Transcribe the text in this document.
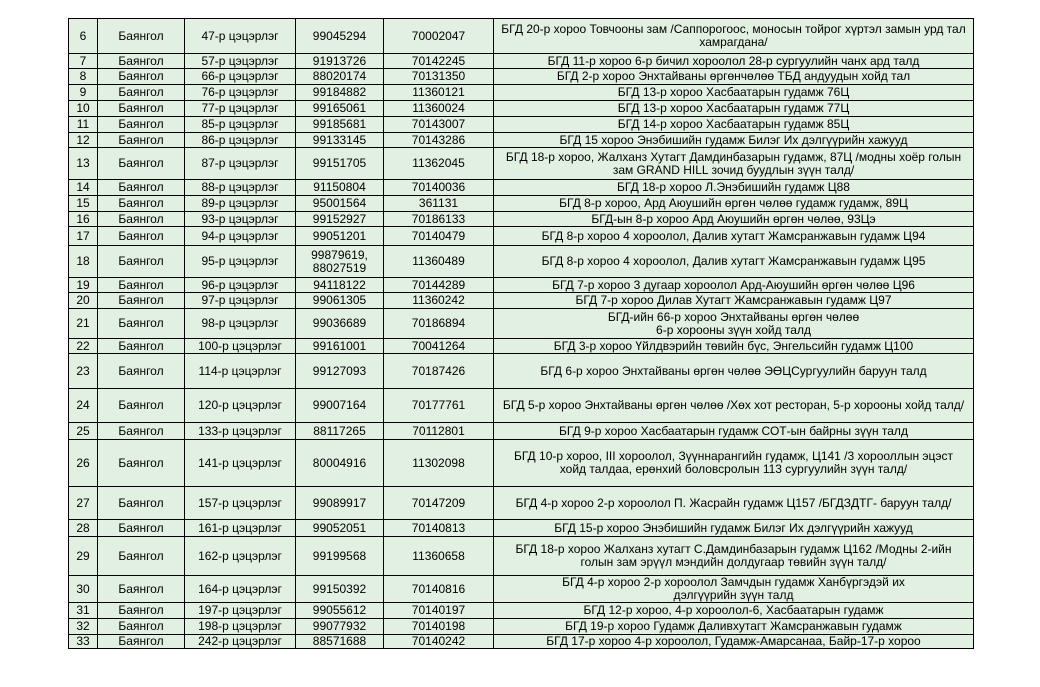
6	Баянгол	47-р цэцэрлэг	99045294	70002047	БГД 20-р хороо Товчооны зам /Саппорогоос, моносын тойрог хүртэл замын урд тал хамрагдана/

7	Баянгол	57-р цэцэрлэг	91913726	70142245	БГД 11-р хороо 6-р бичил хороолол 28-р сургуулийн чанх ард талд

8	Баянгол	66-р цэцэрлэг	88020174	70131350	БГД 2-р хороо Энхтайваны өргөнчөлөө ТБД андуудын хойд тал

9	Баянгол	76-р цэцэрлэг	99184882	11360121	БГД 13-р хороо Хасбаатарын гудамж 76Ц

10	Баянгол	77-р цэцэрлэг	99165061	11360024	БГД 13-р хороо Хасбаатарын гудамж 77Ц

11	Баянгол	85-р цэцэрлэг	99185681	70143007	БГД 14-р хороо Хасбаатарын гудамж 85Ц

12	Баянгол	86-р цэцэрлэг	99133145	70143286	БГД 15 хороо Энэбишийн гудамж Билэг Их дэлгүүрийн хажууд

13	Баянгол	87-р цэцэрлэг	99151705	11362045	БГД 18-р хороо, Жалханз Хутагт Дамдинбазарын гудамж, 87Ц /модны хоёр голын зам GRAND HILL зочид буудлын зүүн талд/

14	Баянгол	88-р цэцэрлэг	91150804	70140036	БГД 18-р хороо Л.Энэбишийн гудамж Ц88

15	Баянгол	89-р цэцэрлэг	95001564	361131	БГД 8-р хороо, Ард Аюушийн өргөн чөлөө гудамж гудамж, 89Ц

16	Баянгол	93-р цэцэрлэг	99152927	70186133	БГД-ын 8-р хороо Ард Аюушийн өргөн чөлөө, 93Цэ

17	Баянгол	94-р цэцэрлэг	99051201	70140479	БГД 8-р хороо 4 хороолол, Далив хутагт Жамсранжавын гудамж Ц94

18	Баянгол	95-р цэцэрлэг	99879619, 88027519	11360489	БГД 8-р хороо 4 хороолол, Далив хутагт Жамсранжавын гудамж Ц95

19	Баянгол	96-р цэцэрлэг	94118122	70144289	БГД 7-р хороо 3 дугаар хороолол Ард-Аюушийн өргөн чөлөө Ц96

20	Баянгол	97-р цэцэрлэг	99061305	11360242	БГД 7-р хороо Дилав Хутагт Жамсранжавын гудамж Ц97

21	Баянгол	98-р цэцэрлэг	99036689	70186894	БГД-ийн 66-р хороо Энхтайваны өргөн чөлөө
6-р хорооны зүүн хойд талд

22	Баянгол	100-р цэцэрлэг	99161001	70041264	БГД 3-р хороо Үйлдвэрийн төвийн бүс, Энгельсийн гудамж Ц100

23	Баянгол	114-р цэцэрлэг	99127093	70187426	БГД 6-р хороо Энхтайваны өргөн чөлөө ЭӨЦСургуулийн баруун талд

24	Баянгол	120-р цэцэрлэг	99007164	70177761	БГД 5-р хороо Энхтайваны өргөн чөлөө /Хөх хот ресторан, 5-р хорооны хойд талд/

25	Баянгол	133-р цэцэрлэг	88117265	70112801	БГД 9-р хороо Хасбаатарын гудамж СОТ-ын байрны зүүн талд

26	Баянгол	141-р цэцэрлэг	80004916	11302098	БГД 10-р хороо, III хороолол, Зүүннарангийн гудамж, Ц141 /3 хорооллын эцэст хойд талдаа, ерөнхий боловсролын 113 сургуулийн зүүн талд/

27	Баянгол	157-р цэцэрлэг	99089917	70147209	БГД 4-р хороо 2-р хороолол П. Жасрайн гудамж Ц157 /БГДЗДТГ- баруун талд/

28	Баянгол	161-р цэцэрлэг	99052051	70140813	БГД 15-р хороо Энэбишийн гудамж Билэг Их дэлгүүрийн хажууд

29	Баянгол	162-р цэцэрлэг	99199568	11360658	БГД 18-р хороо Жалханз хутагт С.Дамдинбазарын гудамж Ц162 /Модны 2-ийн голын зам эрүүл мэндийн долдугаар төвийн зүүн талд/

30	Баянгол	164-р цэцэрлэг	99150392	70140816	БГД 4-р хороо 2-р хороолол Замчдын гудамж Ханбүргэдэй их
дэлгүүрийн зүүн талд

31	Баянгол	197-р цэцэрлэг	99055612	70140197	БГД 12-р хороо, 4-р хороолол-6, Хасбаатарын гудамж

32	Баянгол	198-р цэцэрлэг	99077932	70140198	БГД 19-р хороо Гудамж Даливхутагт Жамсранжавын гудамж

33	Баянгол	242-р цэцэрлэг	88571688	70140242	БГД 17-р хороо 4-р хороолол, Гудамж-Амарсанаа, Байр-17-р хороо
